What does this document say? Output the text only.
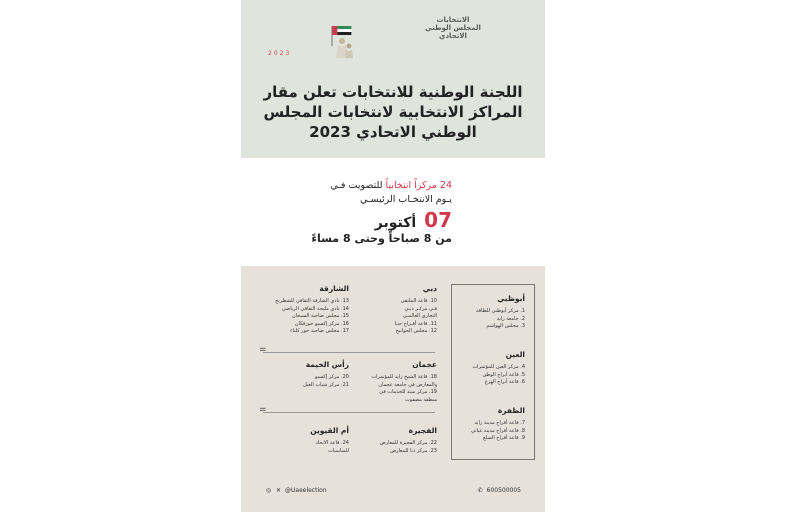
الانتخابات المجلس الوطني الاتحادي
2023
اللجنة الوطنية للانتخابات تعلن مقار المراكز الانتخابية لانتخابات المجلس الوطني الاتحادي 2023
24 مركزاً انتخابياً للتصويت فـي
يـوم الانتخـاب الرئيسـي
07
أكتوبر
من 8 صباحاً وحتى 8 مساءً
أبوظبي
1. مركز أبوظبي للطاقة
2. جامعة زايد
3. مجلس الهواشم
العين
4. مركز العين للمؤتمرات
5. قاعة أبراج الوطن
6. قاعة أبراج الهزع
الظفرة
7. قاعة أفراح مدينة زايد
8. قاعة أفراح مدينة غياثي
9. قاعة أفراح السلع
دبي
10. قاعة الملتقى
فـي مركـز دبـي
التجاري العالمـي
11. قاعة أفـراح حتـا
12. مجلس الحوانيج
الشارقة
13. نادي الشارقة الثقافي للشطرنج
14. نادي مليحة الثقافي الرياضي
15. مجلس ضاحية السبخان
16. مركز إكسبو خورفكان
17. مجلس ضاحية خور كلباء
=
عجمان
18. قاعة الشيخ زايد للمؤتمرات
والمعارض في جامعة عجمان
19. مركز سند للخدمات في
منطقة مصفوت
رأس الخيمة
20. مركز إكسبو
21. مركز شباب الغيل
=
الفجيرة
22. مركز الفجيرة للمعارض
23. مركز دبا للمعارض
أم القيوين
24. قاعة الاتحاد
للمناسبات
✆ 600500005
◎ ✕ @Uaeelection
